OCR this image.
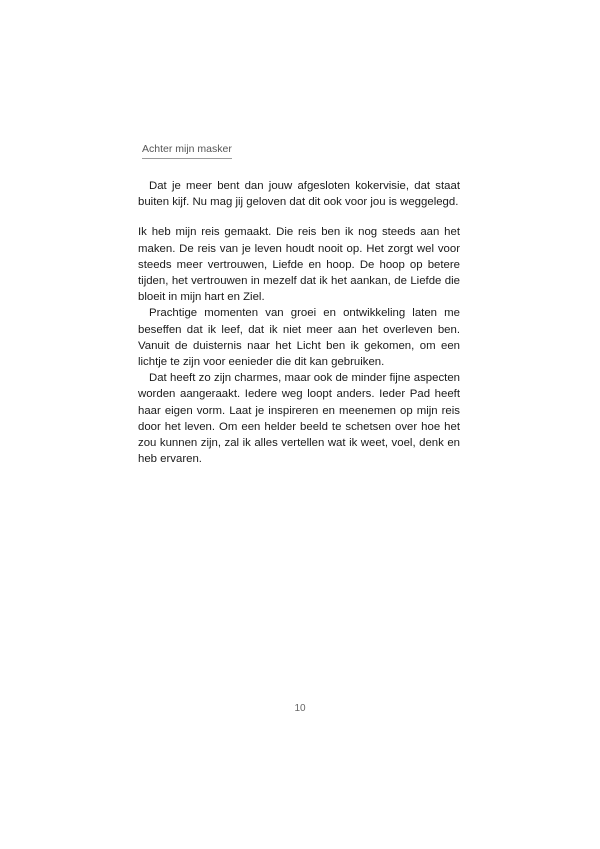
Achter mijn masker

Dat je meer bent dan jouw afgesloten kokervisie, dat staat buiten kijf. Nu mag jij geloven dat dit ook voor jou is weggelegd.

Ik heb mijn reis gemaakt. Die reis ben ik nog steeds aan het maken. De reis van je leven houdt nooit op. Het zorgt wel voor steeds meer vertrouwen, Liefde en hoop. De hoop op betere tijden, het vertrouwen in mezelf dat ik het aankan, de Liefde die bloeit in mijn hart en Ziel.

Prachtige momenten van groei en ontwikkeling laten me beseffen dat ik leef, dat ik niet meer aan het overleven ben. Vanuit de duisternis naar het Licht ben ik gekomen, om een lichtje te zijn voor eenieder die dit kan gebruiken.

Dat heeft zo zijn charmes, maar ook de minder fijne aspecten worden aangeraakt. Iedere weg loopt anders. Ieder Pad heeft haar eigen vorm. Laat je inspireren en meenemen op mijn reis door het leven. Om een helder beeld te schetsen over hoe het zou kunnen zijn, zal ik alles vertellen wat ik weet, voel, denk en heb ervaren.

10
